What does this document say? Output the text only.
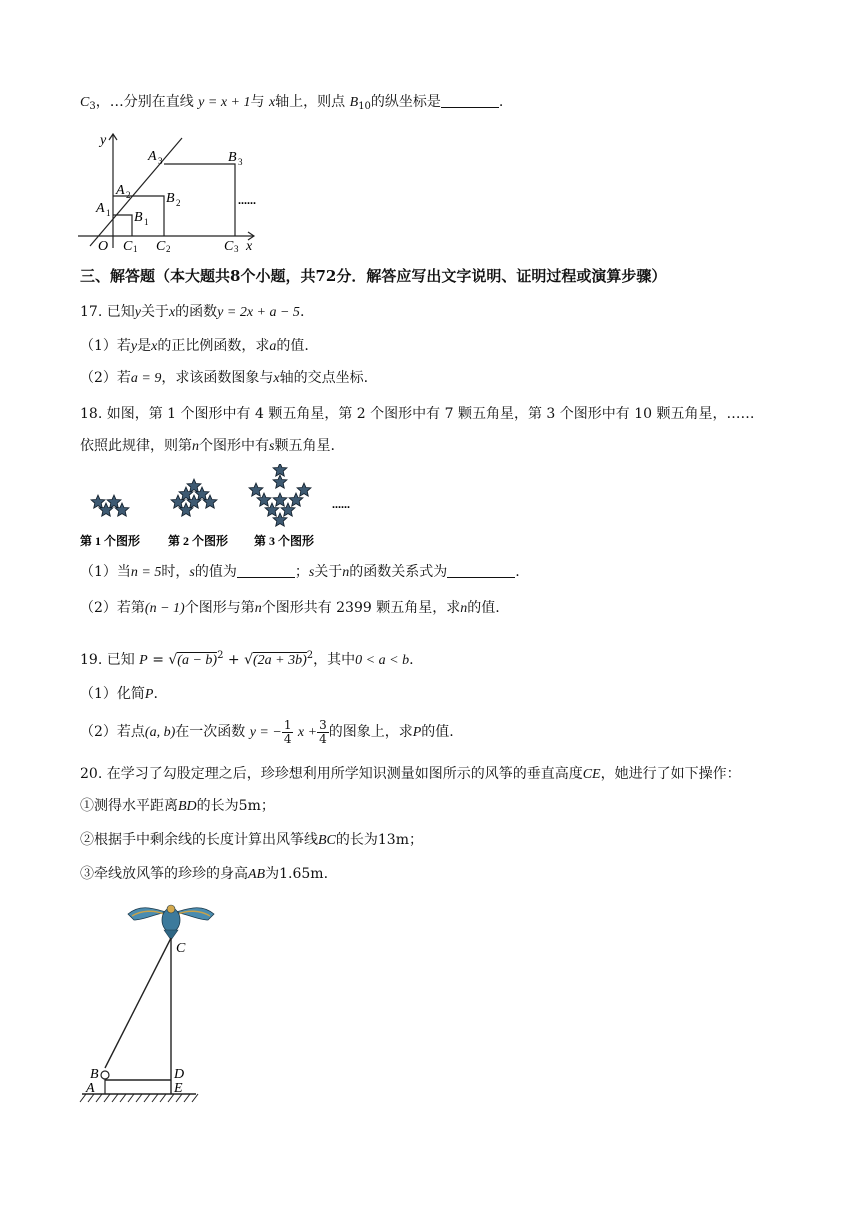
$C_3$，…分别在直线 y = x + 1与 x轴上，则点 $B_{10}$的纵坐标是	.
y
A 1
A 2
A 3
B 1
B 2
B 3
O C 1 C 2	C 3 x
......
三、解答题（本大题共8个小题，共72分．解答应写出文字说明、证明过程或演算步骤）
17. 已知y关于x的函数y = 2x + a − 5.
（1）若y是x的正比例函数，求a的值.
（2）若a = 9，求该函数图象与x轴的交点坐标.
18. 如图，第 1 个图形中有 4 颗五角星，第 2 个图形中有 7 颗五角星，第 3 个图形中有 10 颗五角星，……
依照此规律，则第n个图形中有s颗五角星.
......
第 1 个图形 第 2 个图形 第 3 个图形
（1）当n = 5时，s的值为	；s关于n的函数关系式为	.
（2）若第(n − 1)个图形与第n个图形共有 2399 颗五角星，求n的值.
19. 已知 $P = √(a - b)^2 + √(2a + 3b)^2$，其中0 < a < b.
（1）化简P.
（2）若点(a, b)在一次函数 y = − $\frac{1}{4}$ $x + \frac{3}{4}$ 的图象上，求P的值.
20. 在学习了勾股定理之后，珍珍想利用所学知识测量如图所示的风筝的垂直高度CE，她进行了如下操作：
①测得水平距离BD的长为5m；
②根据手中剩余线的长度计算出风筝线BC的长为13m；
③牵线放风筝的珍珍的身高AB为1.65m.
C
B	D
A	E
